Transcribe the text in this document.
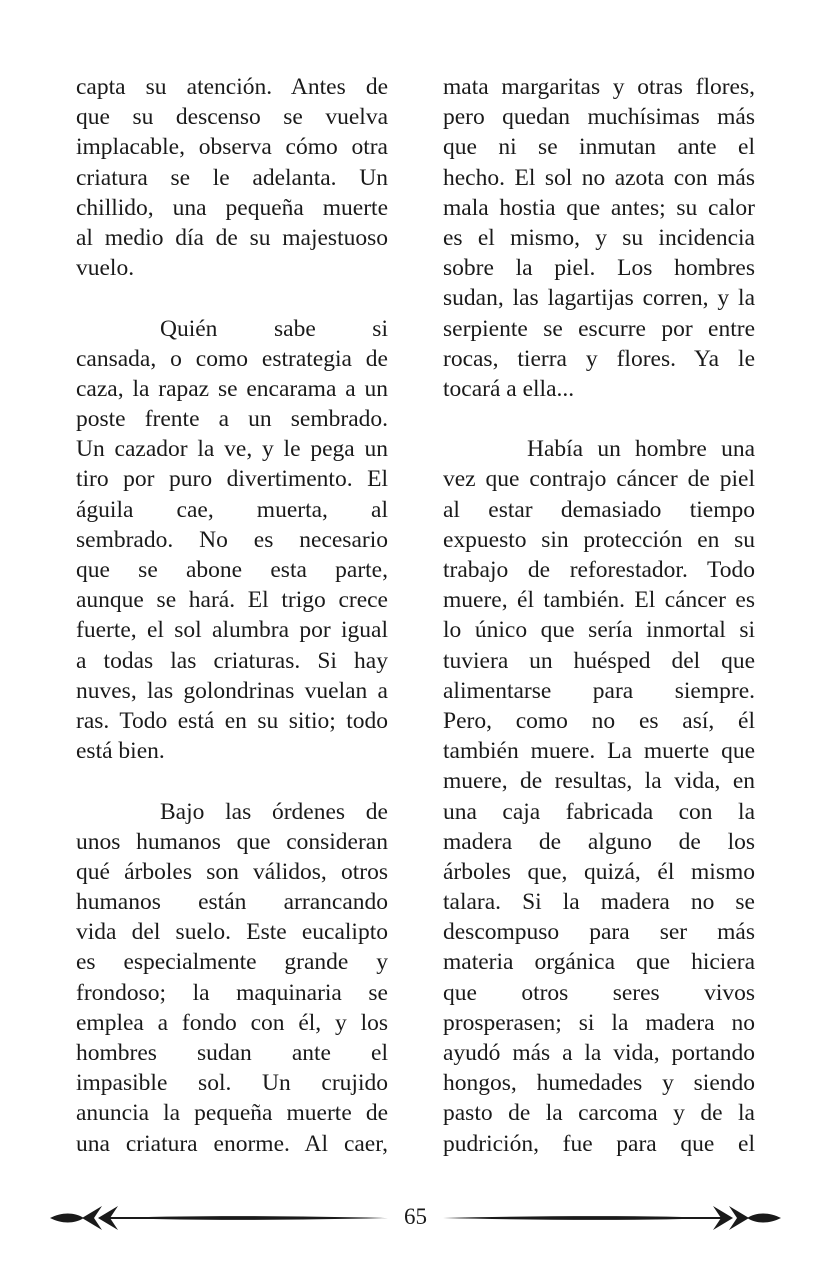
capta su atención. Antes de
que su descenso se vuelva
implacable, observa cómo otra
criatura se le adelanta. Un
chillido, una pequeña muerte
al medio día de su majestuoso
vuelo.
Quién sabe si
cansada, o como estrategia de
caza, la rapaz se encarama a un
poste frente a un sembrado.
Un cazador la ve, y le pega un
tiro por puro divertimento. El
águila cae, muerta, al
sembrado. No es necesario
que se abone esta parte,
aunque se hará. El trigo crece
fuerte, el sol alumbra por igual
a todas las criaturas. Si hay
nuves, las golondrinas vuelan a
ras. Todo está en su sitio; todo
está bien.
Bajo las órdenes de
unos humanos que consideran
qué árboles son válidos, otros
humanos están arrancando
vida del suelo. Este eucalipto
es especialmente grande y
frondoso; la maquinaria se
emplea a fondo con él, y los
hombres sudan ante el
impasible sol. Un crujido
anuncia la pequeña muerte de
una criatura enorme. Al caer,
mata margaritas y otras flores,
pero quedan muchísimas más
que ni se inmutan ante el
hecho. El sol no azota con más
mala hostia que antes; su calor
es el mismo, y su incidencia
sobre la piel. Los hombres
sudan, las lagartijas corren, y la
serpiente se escurre por entre
rocas, tierra y flores. Ya le
tocará a ella...
Había un hombre una
vez que contrajo cáncer de piel
al estar demasiado tiempo
expuesto sin protección en su
trabajo de reforestador. Todo
muere, él también. El cáncer es
lo único que sería inmortal si
tuviera un huésped del que
alimentarse para siempre.
Pero, como no es así, él
también muere. La muerte que
muere, de resultas, la vida, en
una caja fabricada con la
madera de alguno de los
árboles que, quizá, él mismo
talara. Si la madera no se
descompuso para ser más
materia orgánica que hiciera
que otros seres vivos
prosperasen; si la madera no
ayudó más a la vida, portando
hongos, humedades y siendo
pasto de la carcoma y de la
pudrición, fue para que el
65
